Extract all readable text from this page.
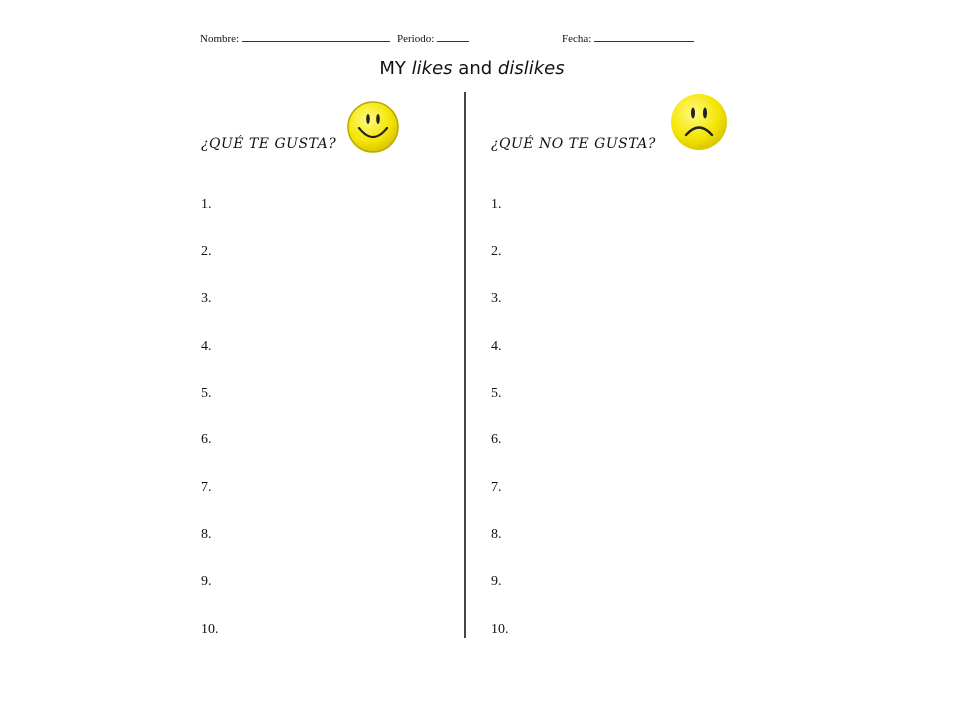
Nombre:	Periodo:	Fecha:
MY likes and dislikes
¿QUÉ TE GUSTA?
1.
2.
3.
4.
5.
6.
7.
8.
9.
10.
¿QUÉ NO TE GUSTA?
1.
2.
3.
4.
5.
6.
7.
8.
9.
10.
